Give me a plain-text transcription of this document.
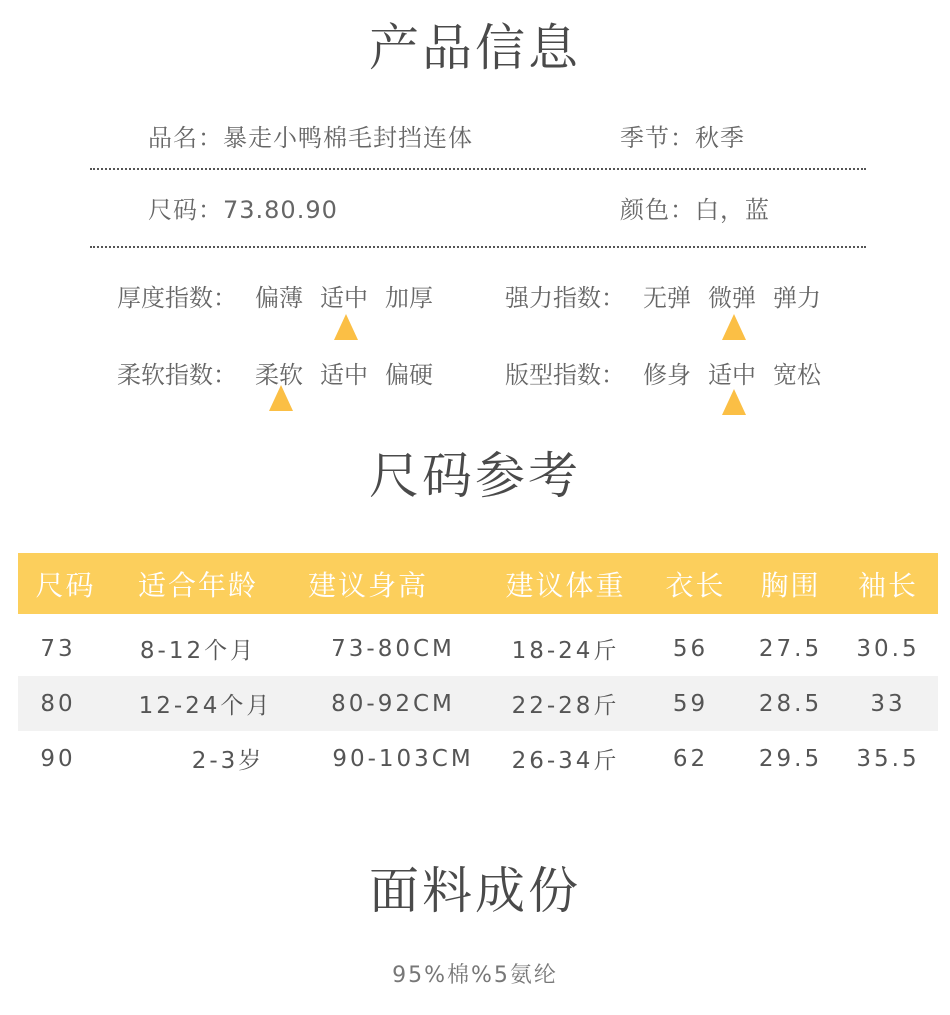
产品信息
品名：暴走小鸭棉毛封挡连体	季节：秋季
尺码：73.80.90	颜色：白，蓝
厚度指数： 偏薄 适中 加厚	强力指数： 无弹 微弹 弹力
柔软指数： 柔软 适中 偏硬	版型指数： 修身 适中 宽松
尺码参考
尺码	适合年龄	建议身高	建议体重	衣长	胸围	袖长
73	8-12个月	73-80CM	18-24斤	56	27.5	30.5
80	12-24个月	80-92CM	22-28斤	59	28.5	33
90	2-3岁	90-103CM	26-34斤	62	29.5	35.5
面料成份
95%棉%5氨纶
